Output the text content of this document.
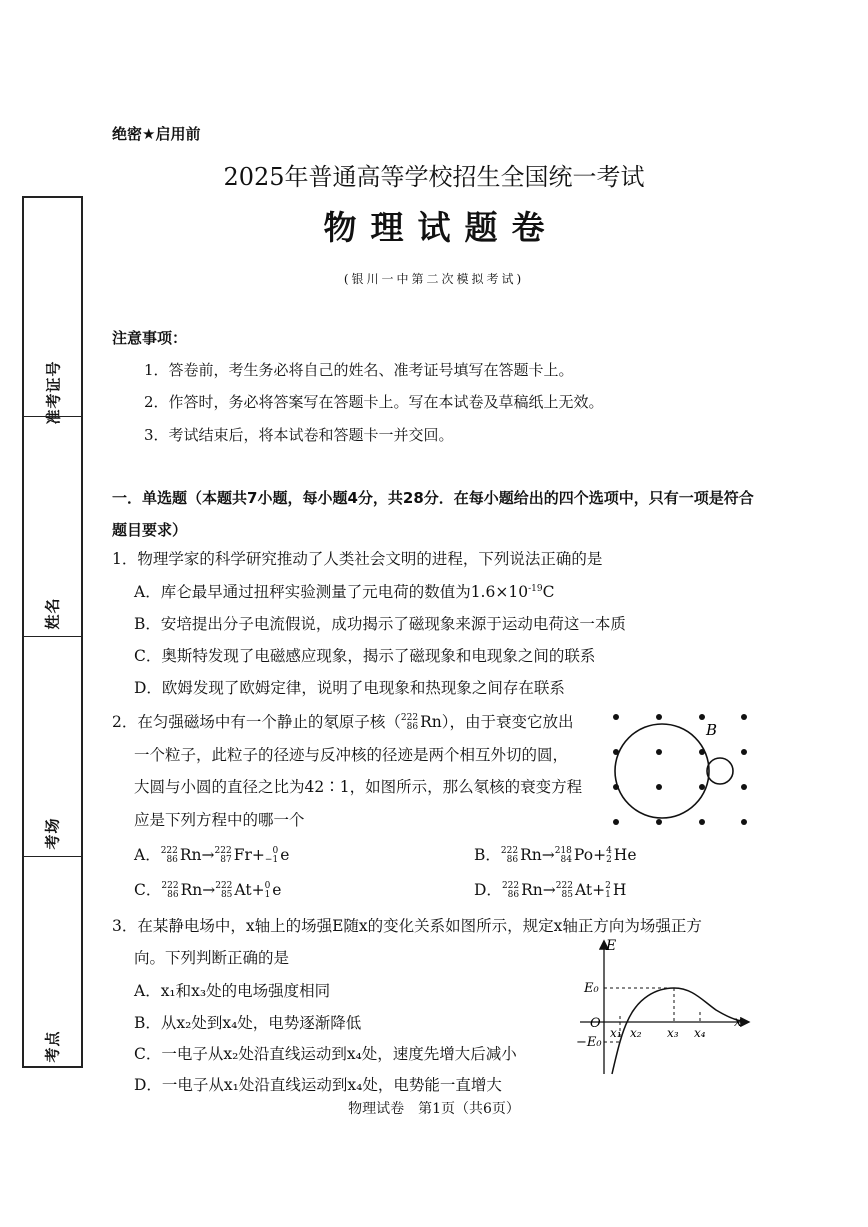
准考证号
姓名
考场
考点
绝密★启用前
2025年普通高等学校招生全国统一考试
物理试题卷
(银川一中第二次模拟考试)
注意事项：
1．答卷前，考生务必将自己的姓名、准考证号填写在答题卡上。
2．作答时，务必将答案写在答题卡上。写在本试卷及草稿纸上无效。
3．考试结束后，将本试卷和答题卡一并交回。
一．单选题（本题共7小题，每小题4分，共28分．在每小题给出的四个选项中，只有一项是符合题目要求）
1．物理学家的科学研究推动了人类社会文明的进程，下列说法正确的是
A．库仑最早通过扭秤实验测量了元电荷的数值为$1.6\times 10^{-19}C$
B．安培提出分子电流假说，成功揭示了磁现象来源于运动电荷这一本质
C．奥斯特发现了电磁感应现象，揭示了磁现象和电现象之间的联系
D．欧姆发现了欧姆定律，说明了电现象和热现象之间存在联系
2．在匀强磁场中有一个静止的氡原子核（ 222
86 Rn），由于衰变它放出
一个粒子，此粒子的径迹与反冲核的径迹是两个相互外切的圆，
大圆与小圆的直径之比为42∶1，如图所示，那么氡核的衰变方程
应是下列方程中的哪一个
A． 222
86 Rn→ 222
87 Fr+ 0
−1 e	B． 222
86 Rn→ 218
84 Po+ 4
2 He
C． 222
86 Rn→ 222
85 At+ 0
1 e	D． 222
86 Rn→ 222
85 At+ 2
1 H
B
3．在某静电场中，x轴上的场强E随x的变化关系如图所示，规定x轴正方向为场强正方
向。下列判断正确的是
A．x₁和x₃处的电场强度相同
B．从x₂处到x₄处，电势逐渐降低
C．一电子从x₂处沿直线运动到x₄处，速度先增大后减小
D．一电子从x₁处沿直线运动到x₄处，电势能一直增大
E
x
O
E₀
−E₀
x₁ x₂ x₃ x₄
物理试卷　第1页（共6页）
